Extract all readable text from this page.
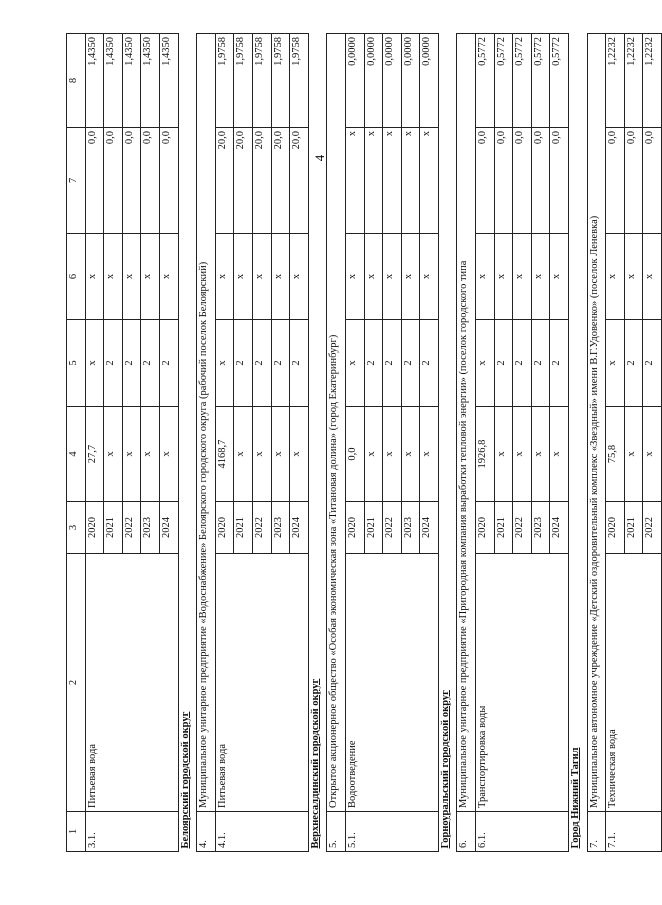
4
1	2	3	4	5	6	7	8
3.1.	Питьевая вода	2020	27,7	x	x	0,0	1,4350
		2021	x	2	x	0,0	1,4350
		2022	x	2	x	0,0	1,4350
		2023	x	2	x	0,0	1,4350
		2024	x	2	x	0,0	1,4350
Белоярский городской округ							
4.	Муниципальное унитарное предприятие «Водоснабжение» Белоярского городского округа (рабочий поселок Белоярский)						
4.1.	Питьевая вода	2020	4168,7	x	x	20,0	1,9758
		2021	x	2	x	20,0	1,9758
		2022	x	2	x	20,0	1,9758
		2023	x	2	x	20,0	1,9758
		2024	x	2	x	20,0	1,9758
Верхнесалдинский городской округ							
5.	Открытое акционерное общество «Особая экономическая зона «Титановая долина» (город Екатеринбург)						
5.1.	Водоотведение	2020	0,0	x	x	x	0,0000
		2021	x	2	x	x	0,0000
		2022	x	2	x	x	0,0000
		2023	x	2	x	x	0,0000
		2024	x	2	x	x	0,0000
Горноуральский городской округ							
6.	Муниципальное унитарное предприятие «Пригородная компания выработки тепловой энергии» (поселок городского типа						
6.1.	Транспортировка воды	2020	1926,8	x	x	0,0	0,5772
		2021	x	2	x	0,0	0,5772
		2022	x	2	x	0,0	0,5772
		2023	x	2	x	0,0	0,5772
		2024	x	2	x	0,0	0,5772
Город Нижний Тагил							
7.	Муниципальное автономное учреждение «Детский оздоровительный комплекс «Звездный» имени В.Г.Удовенко» (поселок Леневка)						
7.1.	Техническая вода	2020	75,8	x	x	0,0	1,2232
		2021	x	2	x	0,0	1,2232
		2022	x	2	x	0,0	1,2232
